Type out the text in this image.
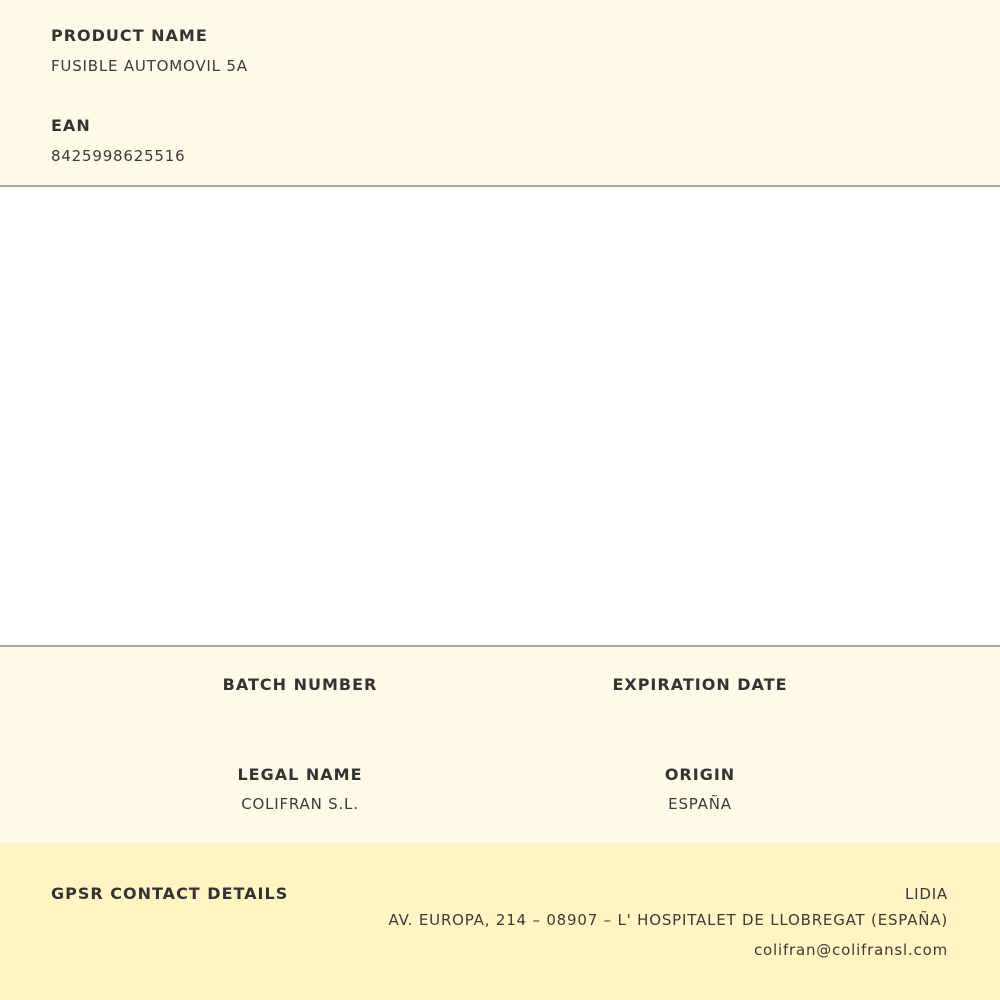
PRODUCT NAME
FUSIBLE AUTOMOVIL 5A
EAN
8425998625516
BATCH NUMBER	EXPIRATION DATE
LEGAL NAME
COLIFRAN S.L.
ORIGIN
ESPAÑA
GPSR CONTACT DETAILS	LIDIA
AV. EUROPA, 214 – 08907 – L' HOSPITALET DE LLOBREGAT (ESPAÑA)
colifran@colifransl.com
